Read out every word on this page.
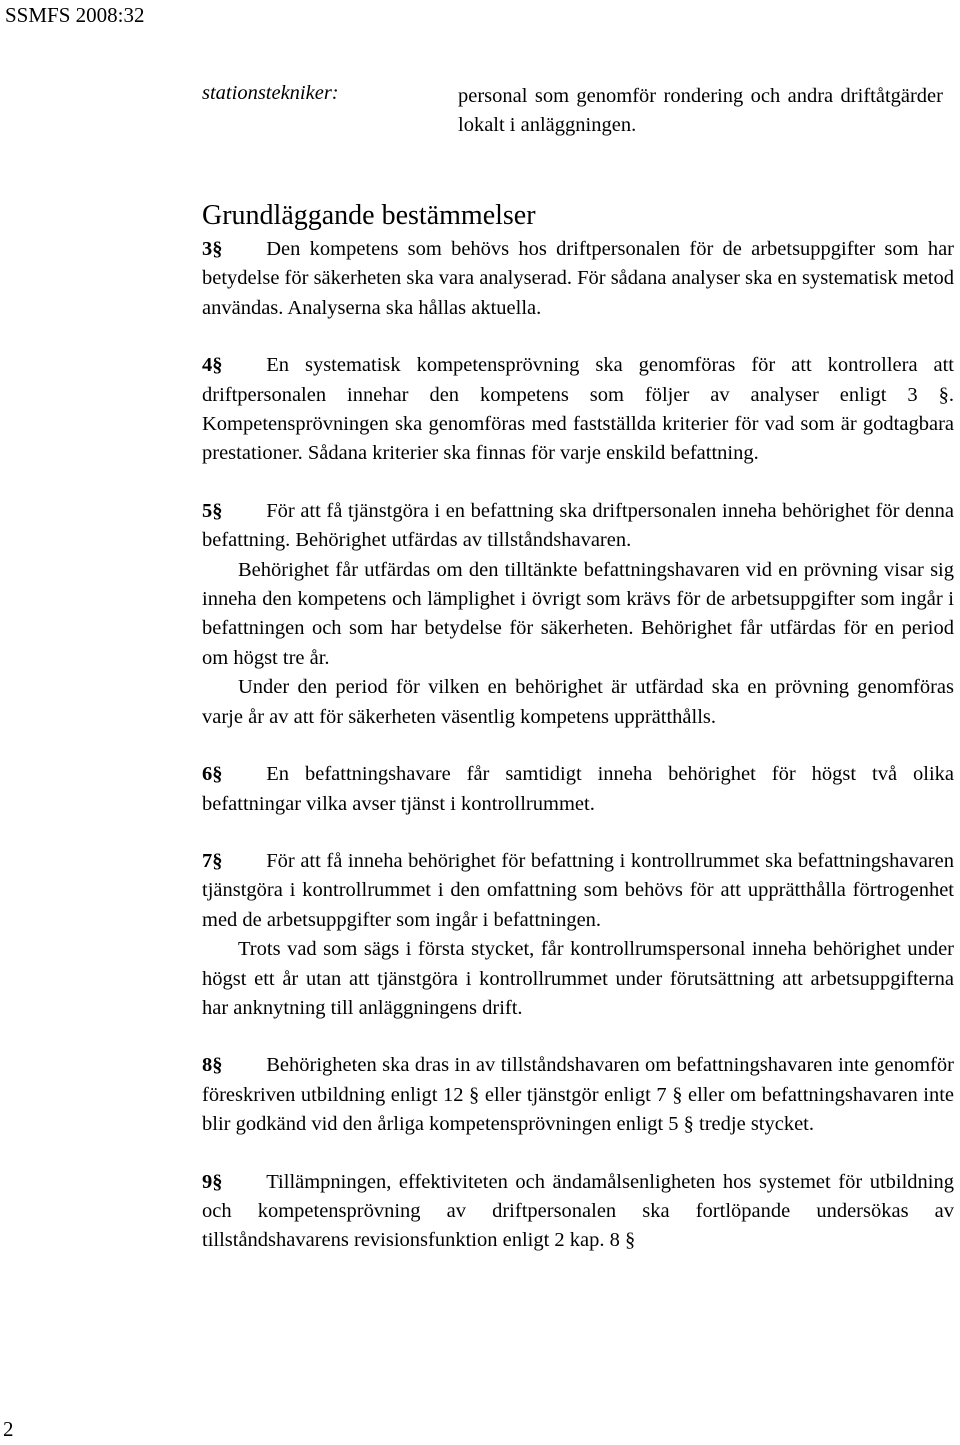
SSMFS 2008:32
stationstekniker:	personal som genomför rondering och andra driftåtgärder lokalt i anläggningen.
Grundläggande bestämmelser

3§ Den kompetens som behövs hos driftpersonalen för de arbetsuppgifter som har betydelse för säkerheten ska vara analyserad. För sådana analyser ska en systematisk metod användas. Analyserna ska hållas aktuella.

4§ En systematisk kompetensprövning ska genomföras för att kontrollera att driftpersonalen innehar den kompetens som följer av analyser enligt 3 §. Kompetensprövningen ska genomföras med fastställda kriterier för vad som är godtagbara prestationer. Sådana kriterier ska finnas för varje enskild befattning.

5§ För att få tjänstgöra i en befattning ska driftpersonalen inneha behörighet för denna befattning. Behörighet utfärdas av tillståndshavaren.

Behörighet får utfärdas om den tilltänkte befattningshavaren vid en prövning visar sig inneha den kompetens och lämplighet i övrigt som krävs för de arbetsuppgifter som ingår i befattningen och som har betydelse för säkerheten. Behörighet får utfärdas för en period om högst tre år.

Under den period för vilken en behörighet är utfärdad ska en prövning genomföras varje år av att för säkerheten väsentlig kompetens upprätthålls.

6§ En befattningshavare får samtidigt inneha behörighet för högst två olika befattningar vilka avser tjänst i kontrollrummet.

7§ För att få inneha behörighet för befattning i kontrollrummet ska befattningshavaren tjänstgöra i kontrollrummet i den omfattning som behövs för att upprätthålla förtrogenhet med de arbetsuppgifter som ingår i befattningen.

Trots vad som sägs i första stycket, får kontrollrumspersonal inneha behörighet under högst ett år utan att tjänstgöra i kontrollrummet under förutsättning att arbetsuppgifterna har anknytning till anläggningens drift.

8§ Behörigheten ska dras in av tillståndshavaren om befattningshavaren inte genomför föreskriven utbildning enligt 12 § eller tjänstgör enligt 7 § eller om befattningshavaren inte blir godkänd vid den årliga kompetensprövningen enligt 5 § tredje stycket.

9§ Tillämpningen, effektiviteten och ändamålsenligheten hos systemet för utbildning och kompetensprövning av driftpersonalen ska fortlöpande undersökas av tillståndshavarens revisionsfunktion enligt 2 kap. 8 §

2
